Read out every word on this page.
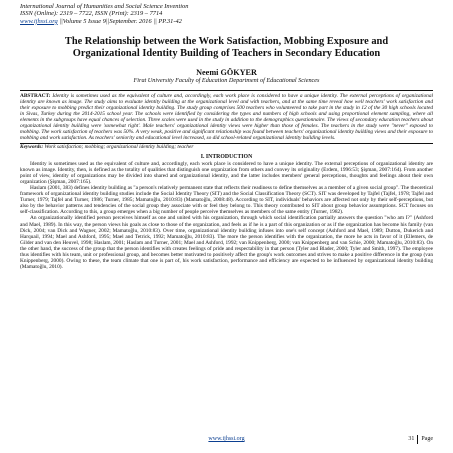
International Journal of Humanities and Social Science Invention
ISSN (Online): 2319 – 7722, ISSN (Print): 2319 – 7714
www.ijhssi.org ||Volume 5 Issue 9||September. 2016 || PP.31-42
The Relationship between the Work Satisfaction, Mobbing Exposure and Organizational Identity Building of Teachers in Secondary Education
Neemi GÖKYER
Firat University Faculty of Education Department of Educational Sciences
ABSTRACT: Identity is sometimes used as the equivalent of culture and, accordingly, each work place is considered to have a unique identity. The external perceptions of organizational identity are known as image. The study aims to evaluate identity building at the organizational level and with teachers, and at the same time reveal how well teachers' work satisfaction and their exposure to mobbing predict their organizational identity building. The study group comprises 500 teachers who volunteered to take part in the study in 12 of the 30 high schools located in Sivas, Turkey during the 2014-2015 school year. The schools were identified by considering the types and numbers of high schools and using proportional element sampling, where all elements in the subgroups have equal chances of selection. Three scales were used in the study in addition to the demographics questionnaire. The views of secondary education teachers about organizational identity building were 'somewhat right'. Male teachers' organizational identity views were higher than those of females. The teachers in the study were "never" exposed to mobbing. The work satisfaction of teachers was 50%. A very weak, positive and significant relationship was found between teachers' organizational identity building views and their exposure to mobbing and work satisfaction. As teachers' seniority and educational level increased, so did school-related organizational identity building levels.
Keywords: Work satisfaction; mobbing; organizational identity building; teacher
I. INTRODUCTION

Identity is sometimes used as the equivalent of culture and, accordingly, each work place is considered to have a unique identity. The external perceptions of organizational identity are known as image. Identity, then, is defined as the totality of qualities that distinguish one organization from others and convey its originality (Erdem, 1996:53; Şişman, 2007:164). From another point of view, identity of organizations may be divided into shared and organizational identity, and the latter includes members' general perceptions, thoughts and feelings about their own organization (Şişman, 2007:165).

Haslam (2001, 383) defines identity building as "a person's relatively permanent state that reflects their readiness to define themselves as a member of a given social group". The theoretical framework of organizational identity building studies include the Social Identity Theory (SIT) and the Social Classification Theory (SCT). SIT was developed by Tajfel (Tajfel, 1978; Tajfel and Turner, 1979; Tajfel and Turner, 1986; Turner, 1985; Mamatoğlu, 2010:83) (Mamatoğlu, 2008:48). According to SIT, individuals' behaviors are affected not only by their self-perceptions, but also by the behavior patterns and tendencies of the social group they associate with or feel they belong to. This theory contributed to SIT about group behavior assumptions. SCT focuses on self-classification. According to this, a group emerges when a big number of people perceive themselves as members of the same entity (Turner, 1982).

An organizationally identified person perceives himself as one and united with his organization, through which social identification partially answers the question "who am I?" (Ashford and Mael, 1989). In this way, the person views his goals as close to those of the organization, and feels as if he is a part of this organization or as if the organization has become his family (van Dick, 2004; van Dick and Wagner, 2002; Mamatoğlu, 2010:83). Over time, organizational identity building infuses into one's self concept (Ashford and Mael, 1989; Dutton, Dukerich and Harquail, 1994; Mael and Ashford, 1995; Mael and Tetrick, 1992; Mamatoğlu, 2010:83). The more the person identifies with the organization, the more he acts in favor of it (Ellemers, de Gilder and van den Heuvel, 1998; Haslam, 2001; Haslam and Turner, 2001; Mael and Ashford, 1992; van Knippenberg, 2000; van Knippenberg and van Schie, 2000; Mamatoğlu, 2010:83). On the other hand, the success of the group that the person identifies with creates feelings of pride and respectability in that person (Tyler and Blader, 2000; Tyler and Smith, 1997). The employee thus identifies with his team, unit or professional group, and becomes better motivated to positively affect the group's work outcomes and strives to make a positive difference in the group (van Knippenberg, 2000). Owing to these, the team climate that one is part of, his work satisfaction, performance and efficiency are expected to be influenced by organizational identity building (Mamatoğlu, 2010).

www.ijhssi.org	31 Page
